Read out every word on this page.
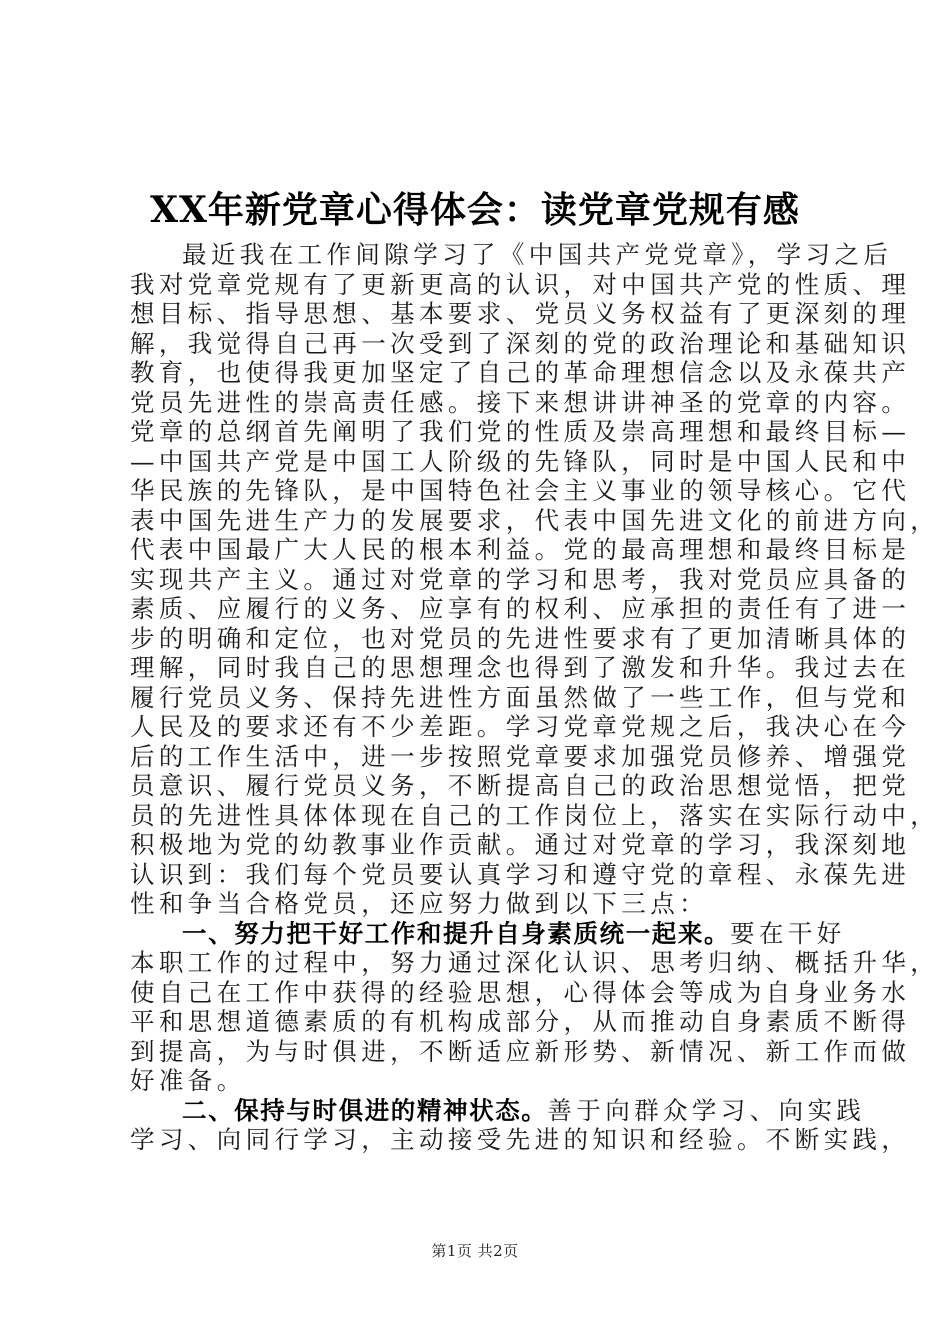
XX年新党章心得体会：读党章党规有感
最近我在工作间隙学习了《中国共产党党章》，学习之后
我对党章党规有了更新更高的认识，对中国共产党的性质、理
想目标、指导思想、基本要求、党员义务权益有了更深刻的理
解，我觉得自己再一次受到了深刻的党的政治理论和基础知识
教育，也使得我更加坚定了自己的革命理想信念以及永葆共产
党员先进性的崇高责任感。接下来想讲讲神圣的党章的内容。
党章的总纲首先阐明了我们党的性质及崇高理想和最终目标—
—中国共产党是中国工人阶级的先锋队，同时是中国人民和中
华民族的先锋队，是中国特色社会主义事业的领导核心。它代
表中国先进生产力的发展要求，代表中国先进文化的前进方向，
代表中国最广大人民的根本利益。党的最高理想和最终目标是
实现共产主义。通过对党章的学习和思考，我对党员应具备的
素质、应履行的义务、应享有的权利、应承担的责任有了进一
步的明确和定位，也对党员的先进性要求有了更加清晰具体的
理解，同时我自己的思想理念也得到了激发和升华。我过去在
履行党员义务、保持先进性方面虽然做了一些工作，但与党和
人民及的要求还有不少差距。学习党章党规之后，我决心在今
后的工作生活中，进一步按照党章要求加强党员修养、增强党
员意识、履行党员义务，不断提高自己的政治思想觉悟，把党
员的先进性具体体现在自己的工作岗位上，落实在实际行动中，
积极地为党的幼教事业作贡献。通过对党章的学习，我深刻地
认识到：我们每个党员要认真学习和遵守党的章程、永葆先进
性和争当合格党员，还应努力做到以下三点：
一、努力把干好工作和提升自身素质统一起来。要在干好
本职工作的过程中，努力通过深化认识、思考归纳、概括升华，
使自己在工作中获得的经验思想，心得体会等成为自身业务水
平和思想道德素质的有机构成部分，从而推动自身素质不断得
到提高，为与时俱进，不断适应新形势、新情况、新工作而做
好准备。
二、保持与时俱进的精神状态。善于向群众学习、向实践
学习、向同行学习，主动接受先进的知识和经验。不断实践，
第1页 共2页
